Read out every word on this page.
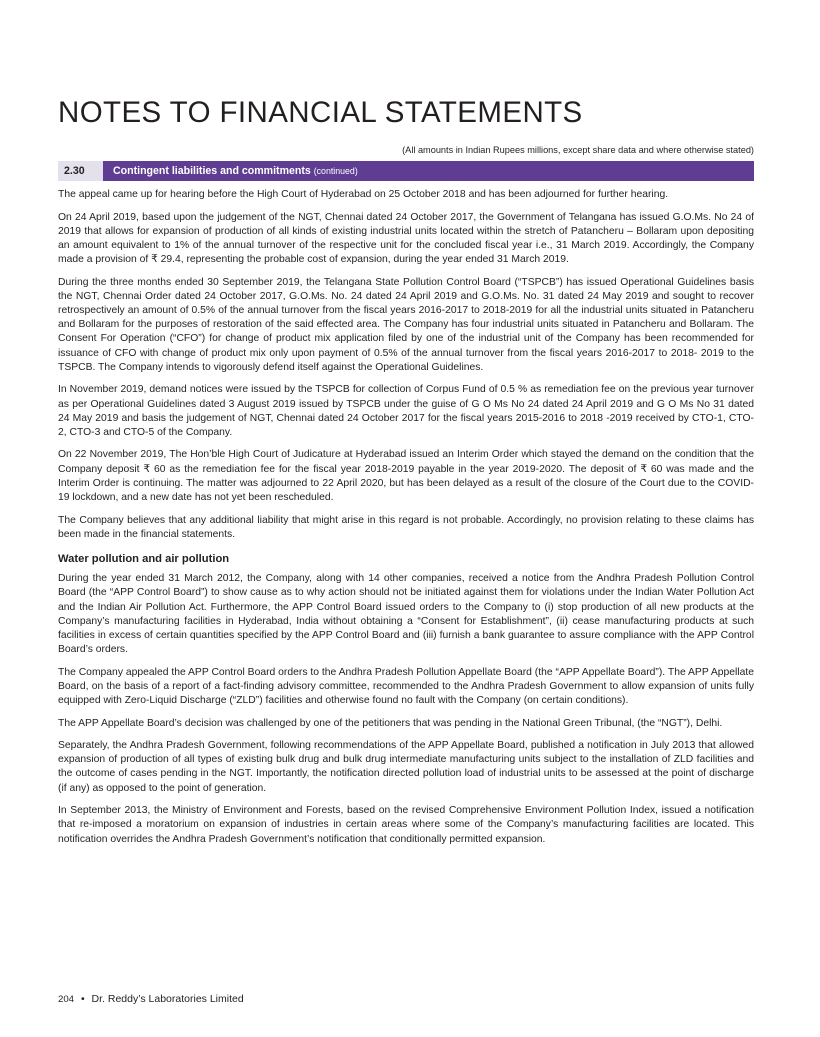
NOTES TO FINANCIAL STATEMENTS
(All amounts in Indian Rupees millions, except share data and where otherwise stated)
2.30	Contingent liabilities and commitments (continued)

The appeal came up for hearing before the High Court of Hyderabad on 25 October 2018 and has been adjourned for further hearing.

On 24 April 2019, based upon the judgement of the NGT, Chennai dated 24 October 2017, the Government of Telangana has issued G.O.Ms. No 24 of 2019 that allows for expansion of production of all kinds of existing industrial units located within the stretch of Patancheru – Bollaram upon depositing an amount equivalent to 1% of the annual turnover of the respective unit for the concluded fiscal year i.e., 31 March 2019. Accordingly, the Company made a provision of ₹ 29.4, representing the probable cost of expansion, during the year ended 31 March 2019.

During the three months ended 30 September 2019, the Telangana State Pollution Control Board (“TSPCB”) has issued Operational Guidelines basis the NGT, Chennai Order dated 24 October 2017, G.O.Ms. No. 24 dated 24 April 2019 and G.O.Ms. No. 31 dated 24 May 2019 and sought to recover retrospectively an amount of 0.5% of the annual turnover from the fiscal years 2016-2017 to 2018-2019 for all the industrial units situated in Patancheru and Bollaram for the purposes of restoration of the said effected area. The Company has four industrial units situated in Patancheru and Bollaram. The Consent For Operation (“CFO”) for change of product mix application filed by one of the industrial unit of the Company has been recommended for issuance of CFO with change of product mix only upon payment of 0.5% of the annual turnover from the fiscal years 2016-2017 to 2018- 2019 to the TSPCB. The Company intends to vigorously defend itself against the Operational Guidelines.

In November 2019, demand notices were issued by the TSPCB for collection of Corpus Fund of 0.5 % as remediation fee on the previous year turnover as per Operational Guidelines dated 3 August 2019 issued by TSPCB under the guise of G O Ms No 24 dated 24 April 2019 and G O Ms No 31 dated 24 May 2019 and basis the judgement of NGT, Chennai dated 24 October 2017 for the fiscal years 2015-2016 to 2018 -2019 received by CTO-1, CTO-2, CTO-3 and CTO-5 of the Company.

On 22 November 2019, The Hon’ble High Court of Judicature at Hyderabad issued an Interim Order which stayed the demand on the condition that the Company deposit ₹ 60 as the remediation fee for the fiscal year 2018-2019 payable in the year 2019-2020. The deposit of ₹ 60 was made and the Interim Order is continuing. The matter was adjourned to 22 April 2020, but has been delayed as a result of the closure of the Court due to the COVID-19 lockdown, and a new date has not yet been rescheduled.

The Company believes that any additional liability that might arise in this regard is not probable. Accordingly, no provision relating to these claims has been made in the financial statements.

Water pollution and air pollution

During the year ended 31 March 2012, the Company, along with 14 other companies, received a notice from the Andhra Pradesh Pollution Control Board (the “APP Control Board”) to show cause as to why action should not be initiated against them for violations under the Indian Water Pollution Act and the Indian Air Pollution Act. Furthermore, the APP Control Board issued orders to the Company to (i) stop production of all new products at the Company’s manufacturing facilities in Hyderabad, India without obtaining a “Consent for Establishment”, (ii) cease manufacturing products at such facilities in excess of certain quantities specified by the APP Control Board and (iii) furnish a bank guarantee to assure compliance with the APP Control Board’s orders.

The Company appealed the APP Control Board orders to the Andhra Pradesh Pollution Appellate Board (the “APP Appellate Board”). The APP Appellate Board, on the basis of a report of a fact-finding advisory committee, recommended to the Andhra Pradesh Government to allow expansion of units fully equipped with Zero-Liquid Discharge (“ZLD”) facilities and otherwise found no fault with the Company (on certain conditions).

The APP Appellate Board’s decision was challenged by one of the petitioners that was pending in the National Green Tribunal, (the “NGT”), Delhi.

Separately, the Andhra Pradesh Government, following recommendations of the APP Appellate Board, published a notification in July 2013 that allowed expansion of production of all types of existing bulk drug and bulk drug intermediate manufacturing units subject to the installation of ZLD facilities and the outcome of cases pending in the NGT. Importantly, the notification directed pollution load of industrial units to be assessed at the point of discharge (if any) as opposed to the point of generation.

In September 2013, the Ministry of Environment and Forests, based on the revised Comprehensive Environment Pollution Index, issued a notification that re-imposed a moratorium on expansion of industries in certain areas where some of the Company’s manufacturing facilities are located. This notification overrides the Andhra Pradesh Government’s notification that conditionally permitted expansion.

204 • Dr. Reddy’s Laboratories Limited
